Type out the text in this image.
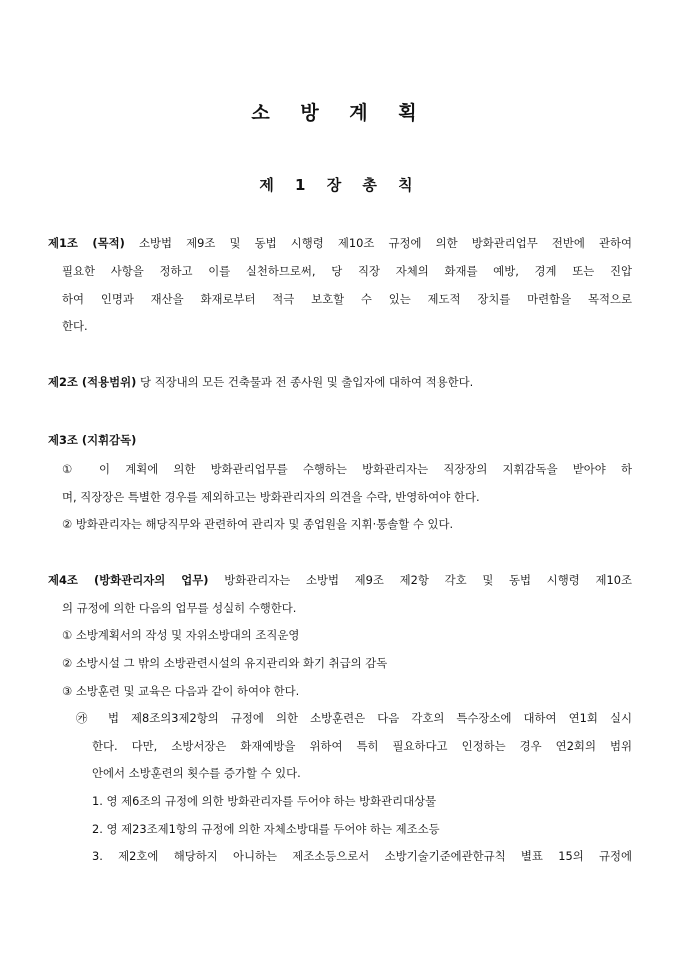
소 방 계 획
제 1 장 총 칙
제1조 (목적) 소방법 제9조 및 동법 시행령 제10조 규정에 의한 방화관리업무 전반에 관하여
필요한 사항을 정하고 이를 실천하므로써, 당 직장 자체의 화재를 예방, 경계 또는 진압
하여 인명과 재산을 화재로부터 적극 보호할 수 있는 제도적 장치를 마련함을 목적으로
한다.
제2조 (적용범위) 당 직장내의 모든 건축물과 전 종사원 및 출입자에 대하여 적용한다.
제3조 (지휘감독)
① 이 계획에 의한 방화관리업무를 수행하는 방화관리자는 직장장의 지휘감독을 받아야 하
며, 직장장은 특별한 경우를 제외하고는 방화관리자의 의견을 수락, 반영하여야 한다.
② 방화관리자는 해당직무와 관련하여 관리자 및 종업원을 지휘·통솔할 수 있다.
제4조 (방화관리자의 업무) 방화관리자는 소방법 제9조 제2항 각호 및 동법 시행령 제10조
의 규정에 의한 다음의 업무를 성실히 수행한다.
① 소방계획서의 작성 및 자위소방대의 조직운영
② 소방시설 그 밖의 소방관련시설의 유지관리와 화기 취급의 감독
③ 소방훈련 및 교육은 다음과 같이 하여야 한다.
㉮ 법 제8조의3제2항의 규정에 의한 소방훈련은 다음 각호의 특수장소에 대하여 연1회 실시
한다. 다만, 소방서장은 화재예방을 위하여 특히 필요하다고 인정하는 경우 연2회의 범위
안에서 소방훈련의 횟수를 증가할 수 있다.
1. 영 제6조의 규정에 의한 방화관리자를 두어야 하는 방화관리대상물
2. 영 제23조제1항의 규정에 의한 자체소방대를 두어야 하는 제조소등
3. 제2호에 해당하지 아니하는 제조소등으로서 소방기술기준에관한규칙 별표 15의 규정에
